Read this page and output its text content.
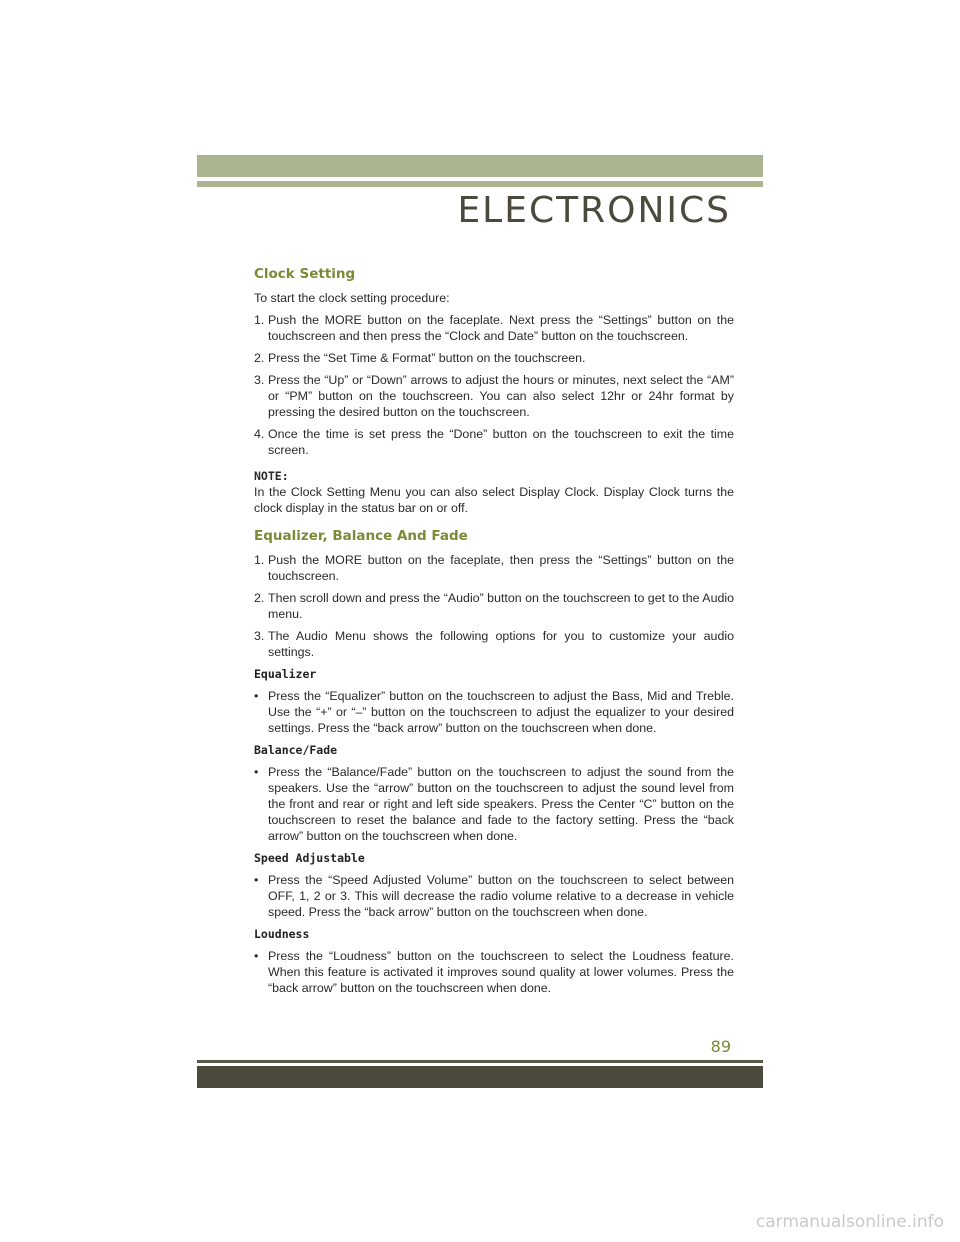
ELECTRONICS
Clock Setting

To start the clock setting procedure:

1. Push the MORE button on the faceplate. Next press the “Settings” button on the touchscreen and then press the “Clock and Date” button on the touchscreen.
2. Press the “Set Time & Format” button on the touchscreen.
3. Press the “Up” or “Down” arrows to adjust the hours or minutes, next select the “AM” or “PM” button on the touchscreen. You can also select 12hr or 24hr format by pressing the desired button on the touchscreen.
4. Once the time is set press the “Done” button on the touchscreen to exit the time screen.
NOTE:

In the Clock Setting Menu you can also select Display Clock. Display Clock turns the clock display in the status bar on or off.

Equalizer, Balance And Fade
1. Push the MORE button on the faceplate, then press the “Settings” button on the touchscreen.
2. Then scroll down and press the “Audio” button on the touchscreen to get to the Audio menu.
3. The Audio Menu shows the following options for you to customize your audio settings.
Equalizer
• Press the “Equalizer” button on the touchscreen to adjust the Bass, Mid and Treble. Use the “+” or “–” button on the touchscreen to adjust the equalizer to your desired settings. Press the “back arrow” button on the touchscreen when done.
Balance/Fade
• Press the “Balance/Fade” button on the touchscreen to adjust the sound from the speakers. Use the “arrow” button on the touchscreen to adjust the sound level from the front and rear or right and left side speakers. Press the Center “C” button on the touchscreen to reset the balance and fade to the factory setting. Press the “back arrow” button on the touchscreen when done.
Speed Adjustable
• Press the “Speed Adjusted Volume” button on the touchscreen to select between OFF, 1, 2 or 3. This will decrease the radio volume relative to a decrease in vehicle speed. Press the “back arrow” button on the touchscreen when done.
Loudness
• Press the “Loudness” button on the touchscreen to select the Loudness feature. When this feature is activated it improves sound quality at lower volumes. Press the “back arrow” button on the touchscreen when done.
89
carmanualsonline.info
